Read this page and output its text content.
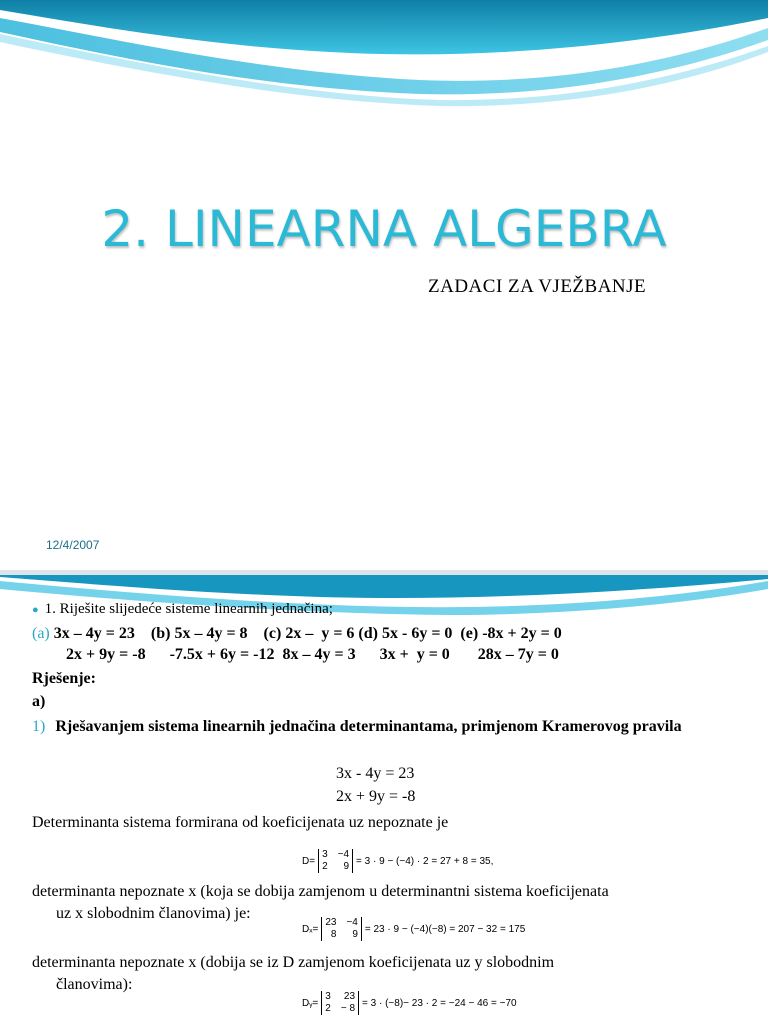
2. LINEARNA ALGEBRA
ZADACI ZA VJEŽBANJE
12/4/2007
● 1. Riješite slijedeće sisteme linearnih jednačina;
(a) 3x – 4y = 23    (b) 5x – 4y = 8    (c) 2x –  y = 6 (d) 5x - 6y = 0  (e) -8x + 2y = 0
2x + 9y = -8      -7.5x + 6y = -12  8x – 4y = 3      3x +  y = 0       28x – 7y = 0
Rješenje:
a)
1) Rješavanjem sistema linearnih jednačina determinantama, primjenom Kramerovog pravila
3x - 4y = 23
2x + 9y = -8
Determinanta sistema formirana od koeficijenata uz nepoznate je
D=
3 −4
2	9 = 3 · 9 − (−4) · 2 = 27 + 8 = 35,
determinanta nepoznate x (koja se dobija zamjenom u determinantni sistema koeficijenata
uz x slobodnim članovima) je:
Dₓ=
23 −4
8	9 = 23 · 9 − (−4)(−8) = 207 − 32 = 175
determinanta nepoznate x (dobija se iz D zamjenom koeficijenata uz y slobodnim
članovima):
Dᵧ=
3	23
2 − 8 = 3 · (−8)− 23 · 2 = −24 − 46 = −70
